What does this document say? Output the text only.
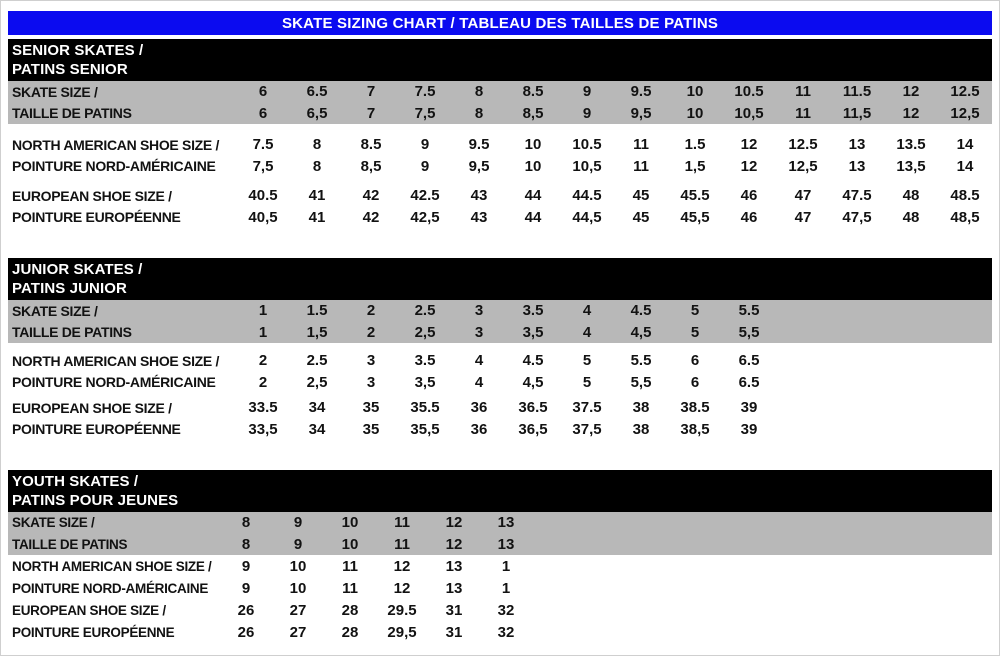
SKATE SIZING CHART / TABLEAU DES TAILLES DE PATINS
SENIOR SKATES /
PATINS SENIOR
SKATE SIZE /	6	6.5	7	7.5	8	8.5	9	9.5	10	10.5	11	11.5	12	12.5
TAILLE DE PATINS	6	6,5	7	7,5	8	8,5	9	9,5	10	10,5	11	11,5	12	12,5
NORTH AMERICAN SHOE SIZE /	7.5	8	8.5	9	9.5	10	10.5	11	1.5	12	12.5	13	13.5	14
POINTURE NORD-AMÉRICAINE	7,5	8	8,5	9	9,5	10	10,5	11	1,5	12	12,5	13	13,5	14
EUROPEAN SHOE SIZE /	40.5	41	42	42.5	43	44	44.5	45	45.5	46	47	47.5	48	48.5
POINTURE EUROPÉENNE	40,5	41	42	42,5	43	44	44,5	45	45,5	46	47	47,5	48	48,5
JUNIOR SKATES /
PATINS JUNIOR
SKATE SIZE /	1	1.5	2	2.5	3	3.5	4	4.5	5	5.5
TAILLE DE PATINS	1	1,5	2	2,5	3	3,5	4	4,5	5	5,5
NORTH AMERICAN SHOE SIZE /	2	2.5	3	3.5	4	4.5	5	5.5	6	6.5
POINTURE NORD-AMÉRICAINE	2	2,5	3	3,5	4	4,5	5	5,5	6	6.5
EUROPEAN SHOE SIZE /	33.5	34	35	35.5	36	36.5	37.5	38	38.5	39
POINTURE EUROPÉENNE	33,5	34	35	35,5	36	36,5	37,5	38	38,5	39
YOUTH SKATES /
PATINS POUR JEUNES
SKATE SIZE /	8	9	10	11	12	13
TAILLE DE PATINS	8	9	10	11	12	13
NORTH AMERICAN SHOE SIZE /	9	10	11	12	13	1
POINTURE NORD-AMÉRICAINE	9	10	11	12	13	1
EUROPEAN SHOE SIZE /	26	27	28	29.5	31	32
POINTURE EUROPÉENNE	26	27	28	29,5	31	32
